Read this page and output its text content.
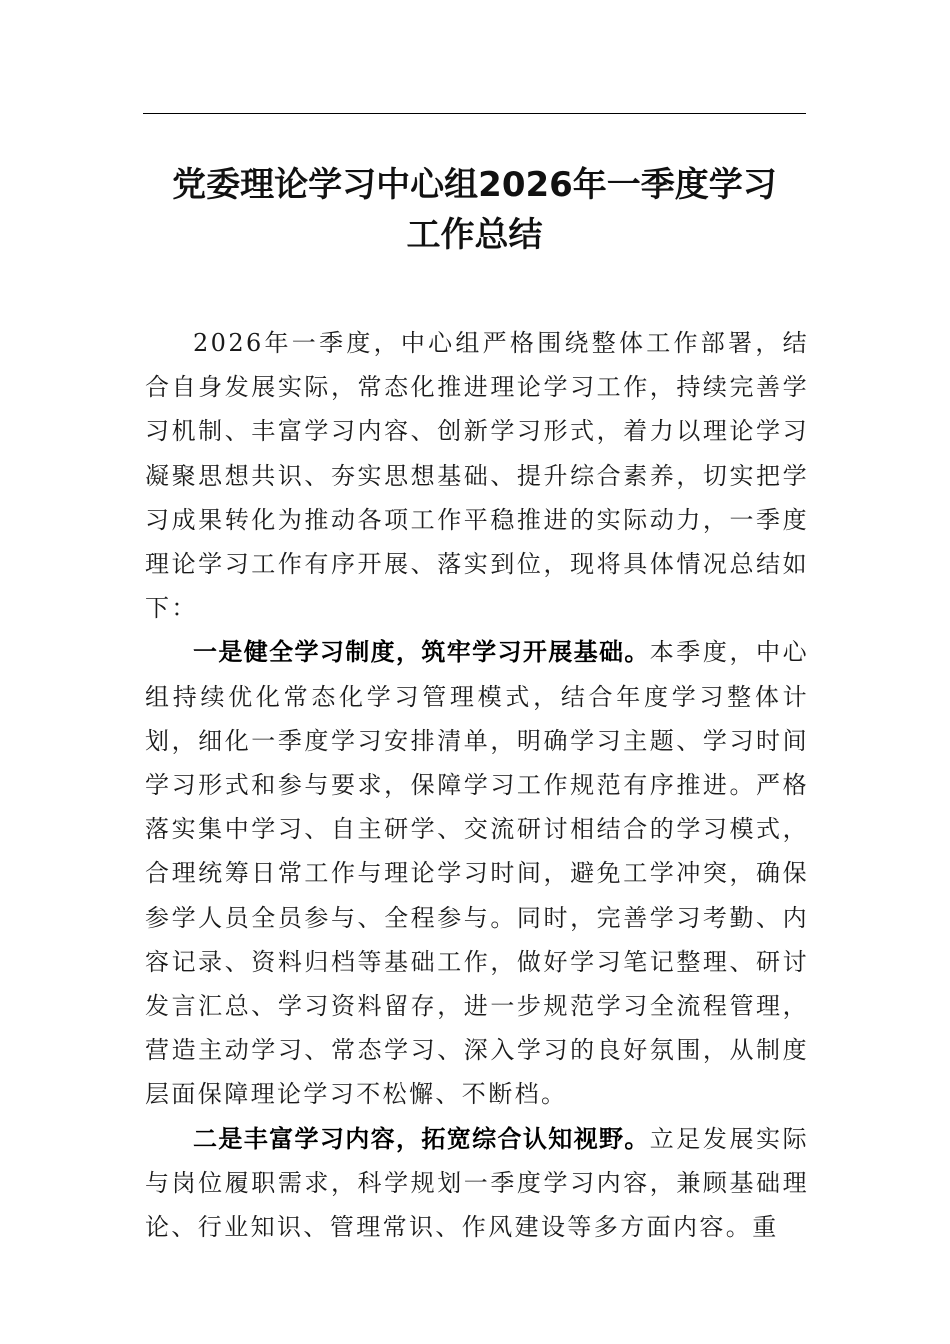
党委理论学习中心组2026年一季度学习
工作总结

2026年一季度，中心组严格围绕整体工作部署，结合自身发展实际，常态化推进理论学习工作，持续完善学习机制、丰富学习内容、创新学习形式，着力以理论学习凝聚思想共识、夯实思想基础、提升综合素养，切实把学习成果转化为推动各项工作平稳推进的实际动力，一季度理论学习工作有序开展、落实到位，现将具体情况总结如下：

一是健全学习制度，筑牢学习开展基础。本季度，中心组持续优化常态化学习管理模式，结合年度学习整体计划，细化一季度学习安排清单，明确学习主题、学习时间学习形式和参与要求，保障学习工作规范有序推进。严格落实集中学习、自主研学、交流研讨相结合的学习模式，合理统筹日常工作与理论学习时间，避免工学冲突，确保参学人员全员参与、全程参与。同时，完善学习考勤、内容记录、资料归档等基础工作，做好学习笔记整理、研讨发言汇总、学习资料留存，进一步规范学习全流程管理，营造主动学习、常态学习、深入学习的良好氛围，从制度层面保障理论学习不松懈、不断档。

二是丰富学习内容，拓宽综合认知视野。立足发展实际与岗位履职需求，科学规划一季度学习内容，兼顾基础理论、行业知识、管理常识、作风建设等多方面内容。重
